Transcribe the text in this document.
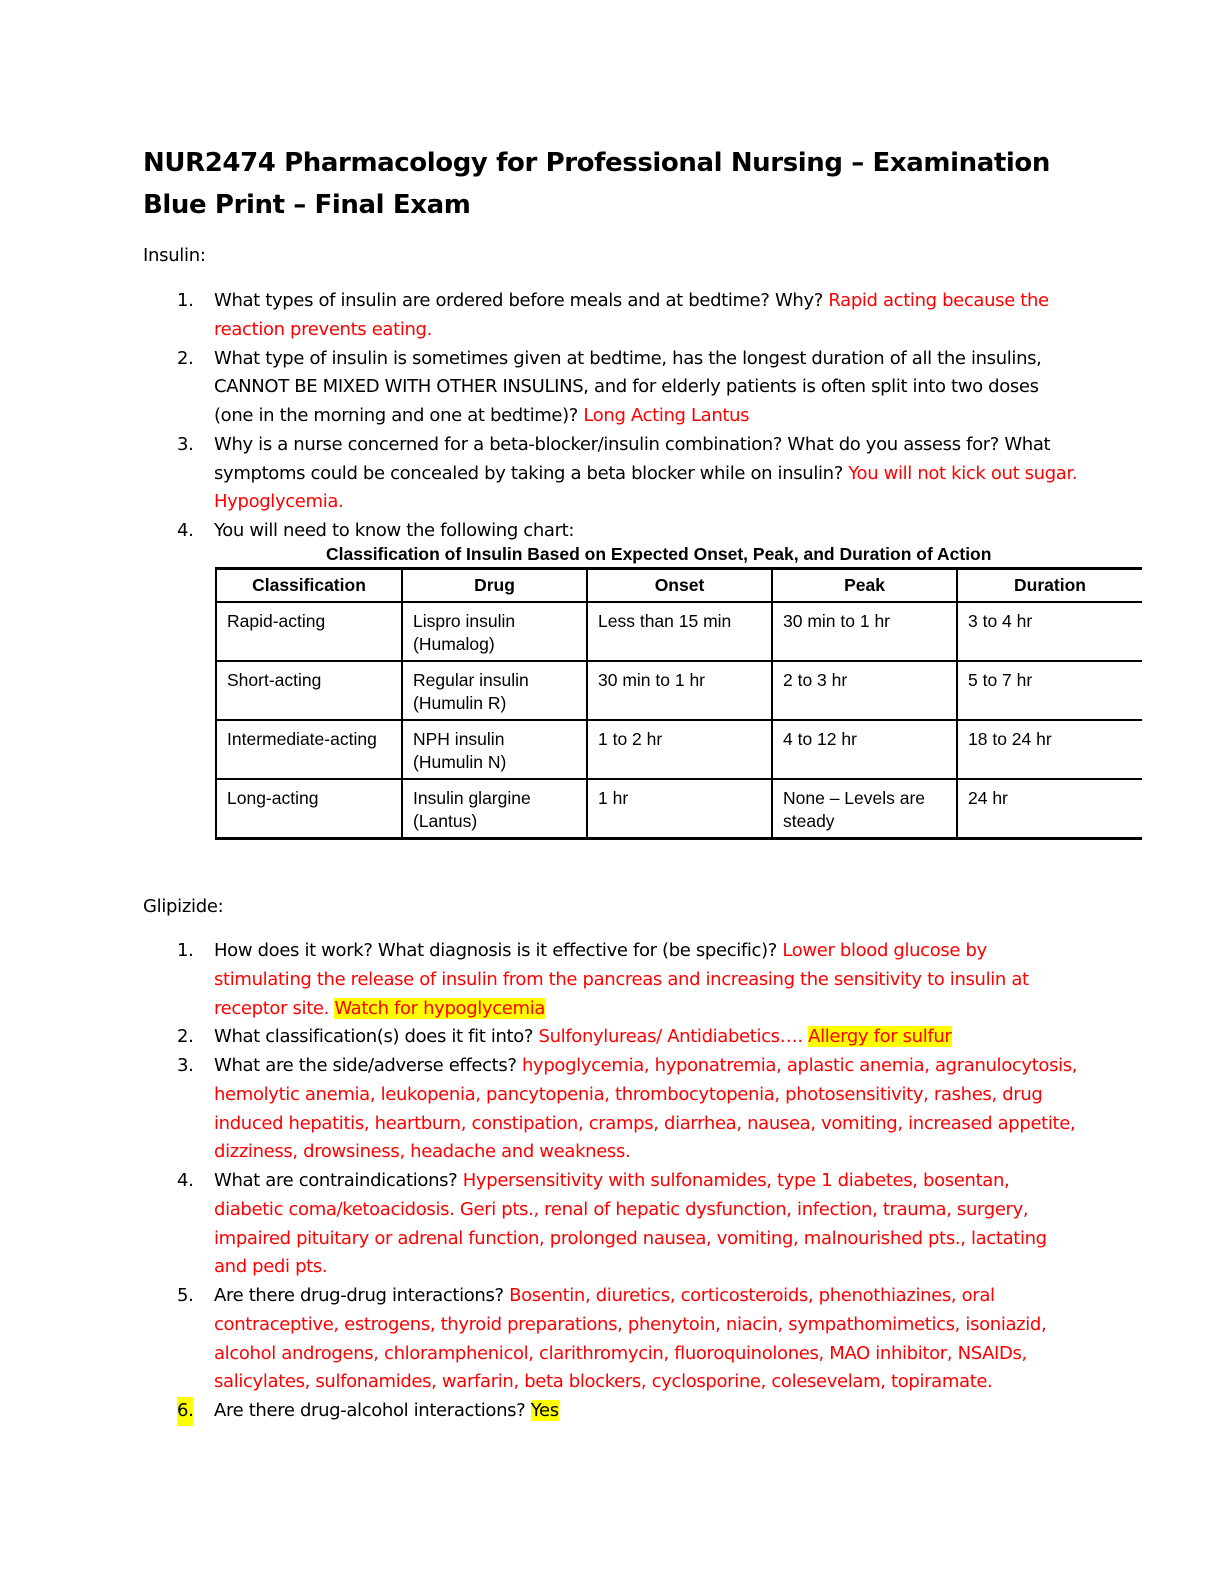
NUR2474 Pharmacology for Professional Nursing – Examination Blue Print – Final Exam

Insulin:

1. What types of insulin are ordered before meals and at bedtime? Why? Rapid acting because the reaction prevents eating.
2. What type of insulin is sometimes given at bedtime, has the longest duration of all the insulins, CANNOT BE MIXED WITH OTHER INSULINS, and for elderly patients is often split into two doses (one in the morning and one at bedtime)? Long Acting Lantus
3. Why is a nurse concerned for a beta-blocker/insulin combination? What do you assess for? What symptoms could be concealed by taking a beta blocker while on insulin? You will not kick out sugar. Hypoglycemia.
4. You will need to know the following chart:

Classification of Insulin Based on Expected Onset, Peak, and Duration of Action

Classification	Drug	Onset	Peak	Duration
Rapid-acting	Lispro insulin (Humalog)	Less than 15 min	30 min to 1 hr	3 to 4 hr
Short-acting	Regular insulin (Humulin R)	30 min to 1 hr	2 to 3 hr	5 to 7 hr
Intermediate-acting	NPH insulin (Humulin N)	1 to 2 hr	4 to 12 hr	18 to 24 hr
Long-acting	Insulin glargine (Lantus)	1 hr	None – Levels are steady	24 hr

Glipizide:

1. How does it work? What diagnosis is it effective for (be specific)? Lower blood glucose by stimulating the release of insulin from the pancreas and increasing the sensitivity to insulin at receptor site. Watch for hypoglycemia
2. What classification(s) does it fit into? Sulfonylureas/ Antidiabetics…. Allergy for sulfur
3. What are the side/adverse effects? hypoglycemia, hyponatremia, aplastic anemia, agranulocytosis, hemolytic anemia, leukopenia, pancytopenia, thrombocytopenia, photosensitivity, rashes, drug induced hepatitis, heartburn, constipation, cramps, diarrhea, nausea, vomiting, increased appetite, dizziness, drowsiness, headache and weakness.
4. What are contraindications? Hypersensitivity with sulfonamides, type 1 diabetes, bosentan, diabetic coma/ketoacidosis. Geri pts., renal of hepatic dysfunction, infection, trauma, surgery, impaired pituitary or adrenal function, prolonged nausea, vomiting, malnourished pts., lactating and pedi pts.
5. Are there drug-drug interactions? Bosentin, diuretics, corticosteroids, phenothiazines, oral contraceptive, estrogens, thyroid preparations, phenytoin, niacin, sympathomimetics, isoniazid, alcohol androgens, chloramphenicol, clarithromycin, fluoroquinolones, MAO inhibitor, NSAIDs, salicylates, sulfonamides, warfarin, beta blockers, cyclosporine, colesevelam, topiramate.
6. Are there drug-alcohol interactions? Yes
